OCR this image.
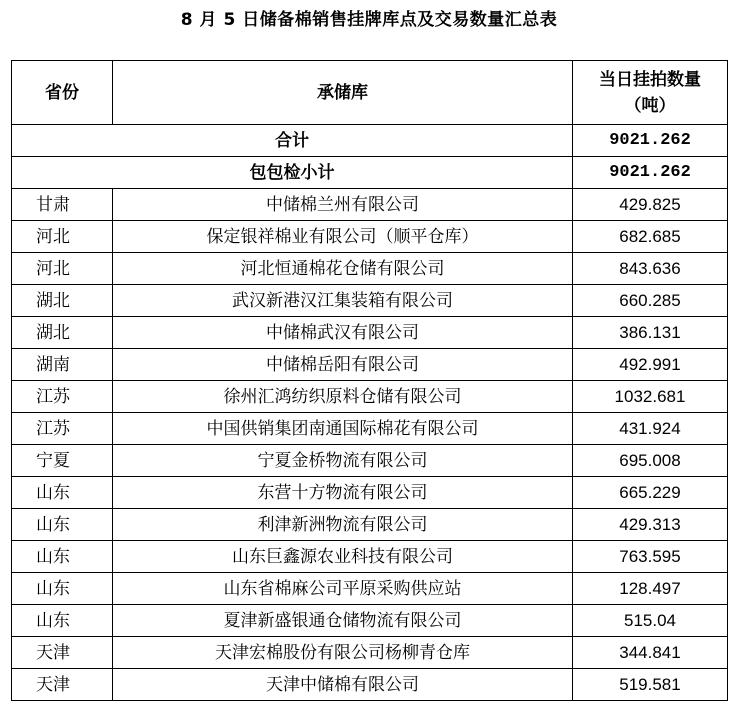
8 月 5 日储备棉销售挂牌库点及交易数量汇总表
省份	承储库	当日挂拍数量
（吨）
合计		9021.262
包包检小计		9021.262
甘肃	中储棉兰州有限公司	429.825
河北	保定银祥棉业有限公司（顺平仓库）	682.685
河北	河北恒通棉花仓储有限公司	843.636
湖北	武汉新港汉江集装箱有限公司	660.285
湖北	中储棉武汉有限公司	386.131
湖南	中储棉岳阳有限公司	492.991
江苏	徐州汇鸿纺织原料仓储有限公司	1032.681
江苏	中国供销集团南通国际棉花有限公司	431.924
宁夏	宁夏金桥物流有限公司	695.008
山东	东营十方物流有限公司	665.229
山东	利津新洲物流有限公司	429.313
山东	山东巨鑫源农业科技有限公司	763.595
山东	山东省棉麻公司平原采购供应站	128.497
山东	夏津新盛银通仓储物流有限公司	515.04
天津	天津宏棉股份有限公司杨柳青仓库	344.841
天津	天津中储棉有限公司	519.581
